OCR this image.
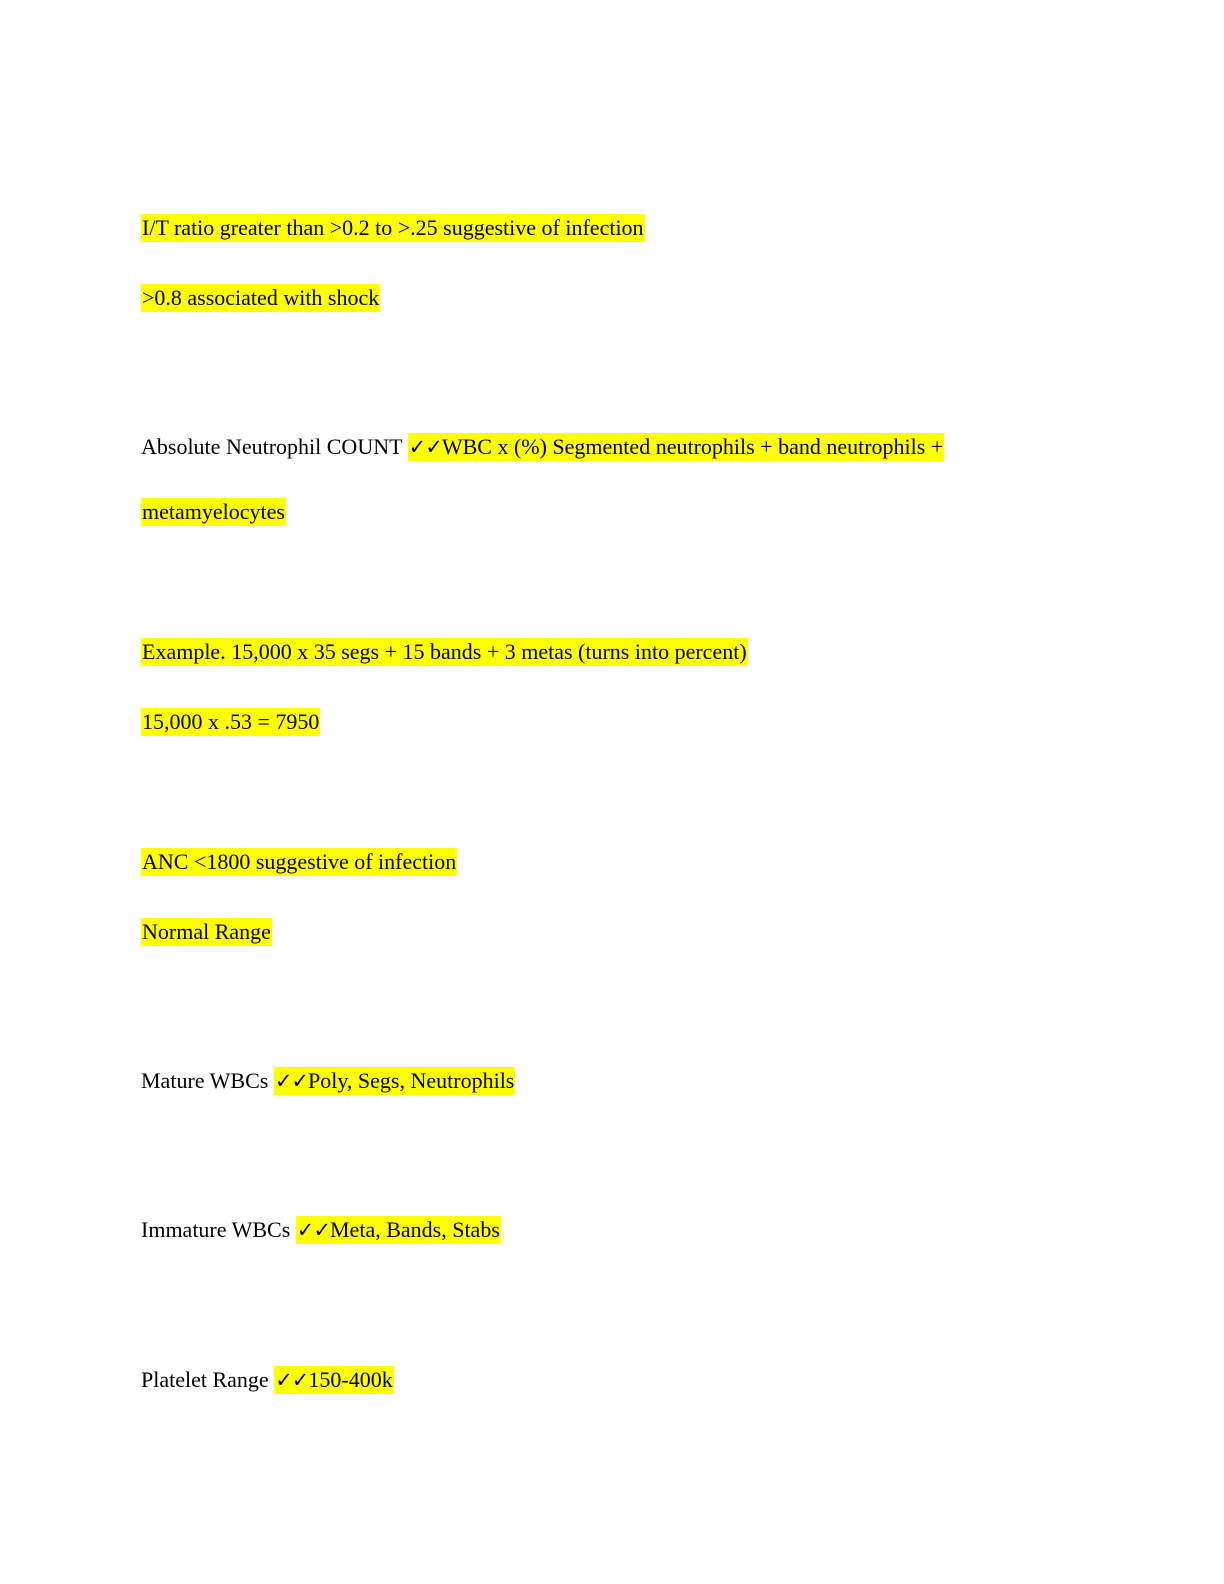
I/T ratio greater than >0.2 to >.25 suggestive of infection
>0.8 associated with shock
Absolute Neutrophil COUNT ✓✓WBC x (%) Segmented neutrophils + band neutrophils +
metamyelocytes
Example. 15,000 x 35 segs + 15 bands + 3 metas (turns into percent)
15,000 x .53 = 7950
ANC <1800 suggestive of infection
Normal Range
Mature WBCs ✓✓Poly, Segs, Neutrophils
Immature WBCs ✓✓Meta, Bands, Stabs
Platelet Range ✓✓150-400k
